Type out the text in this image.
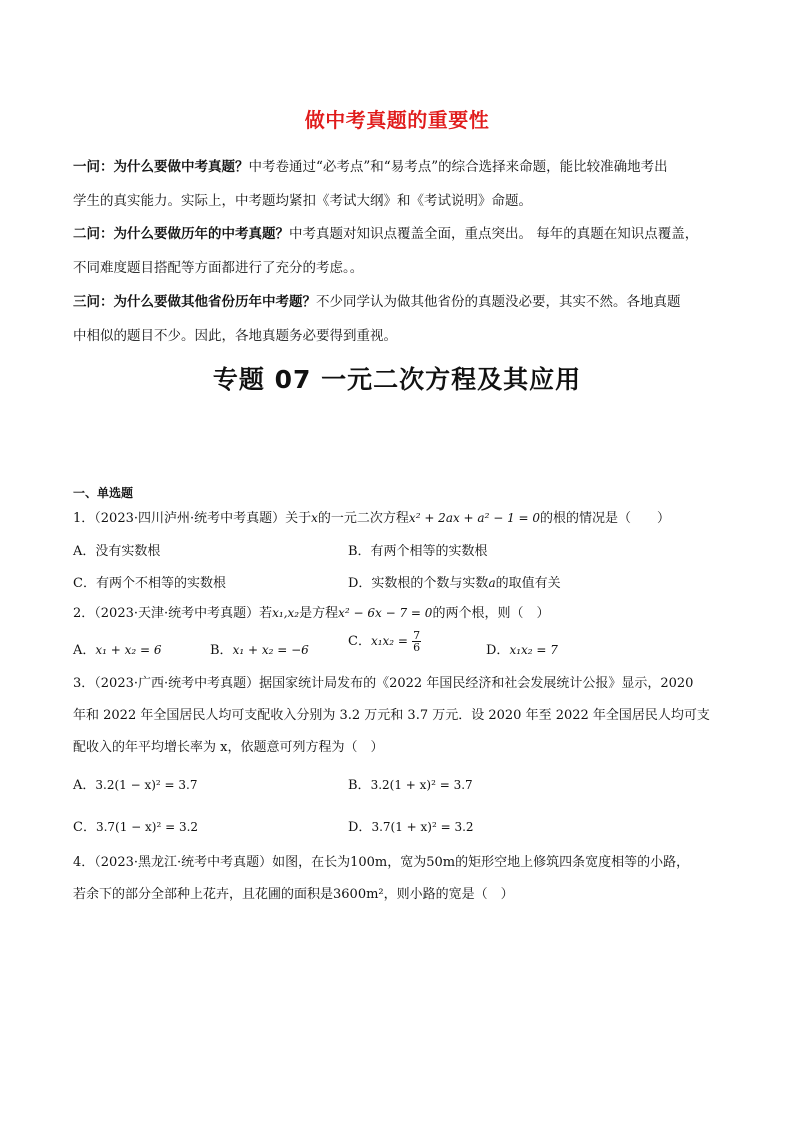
做中考真题的重要性
一问：为什么要做中考真题？中考卷通过“必考点”和“易考点”的综合选择来命题，能比较准确地考出
学生的真实能力。实际上，中考题均紧扣《考试大纲》和《考试说明》命题。
二问：为什么要做历年的中考真题？中考真题对知识点覆盖全面，重点突出。 每年的真题在知识点覆盖，
不同难度题目搭配等方面都进行了充分的考虑。。
三问：为什么要做其他省份历年中考题？不少同学认为做其他省份的真题没必要，其实不然。各地真题
中相似的题目不少。因此，各地真题务必要得到重视。
专题 07 一元二次方程及其应用
一、单选题
1．（2023·四川泸州·统考中考真题）关于x的一元二次方程x² + 2ax + a² − 1 = 0的根的情况是（　　）
A．没有实数根	B．有两个相等的实数根
C．有两个不相等的实数根	D．实数根的个数与实数a的取值有关
2．（2023·天津·统考中考真题）若x₁,x₂是方程x² − 6x − 7 = 0的两个根，则（　）
A．x₁ + x₂ = 6	B．x₁ + x₂ = −6
C．$x_1x_2 = \frac{7}{6}$	D．x₁x₂ = 7
3．（2023·广西·统考中考真题）据国家统计局发布的《2022 年国民经济和社会发展统计公报》显示，2020
年和 2022 年全国居民人均可支配收入分别为 3.2 万元和 3.7 万元．设 2020 年至 2022 年全国居民人均可支
配收入的年平均增长率为 x，依题意可列方程为（　）
A．3.2(1 − x)² = 3.7	B．3.2(1 + x)² = 3.7
C．3.7(1 − x)² = 3.2	D．3.7(1 + x)² = 3.2
4．（2023·黑龙江·统考中考真题）如图，在长为100m，宽为50m的矩形空地上修筑四条宽度相等的小路，
若余下的部分全部种上花卉，且花圃的面积是3600m²，则小路的宽是（　）
